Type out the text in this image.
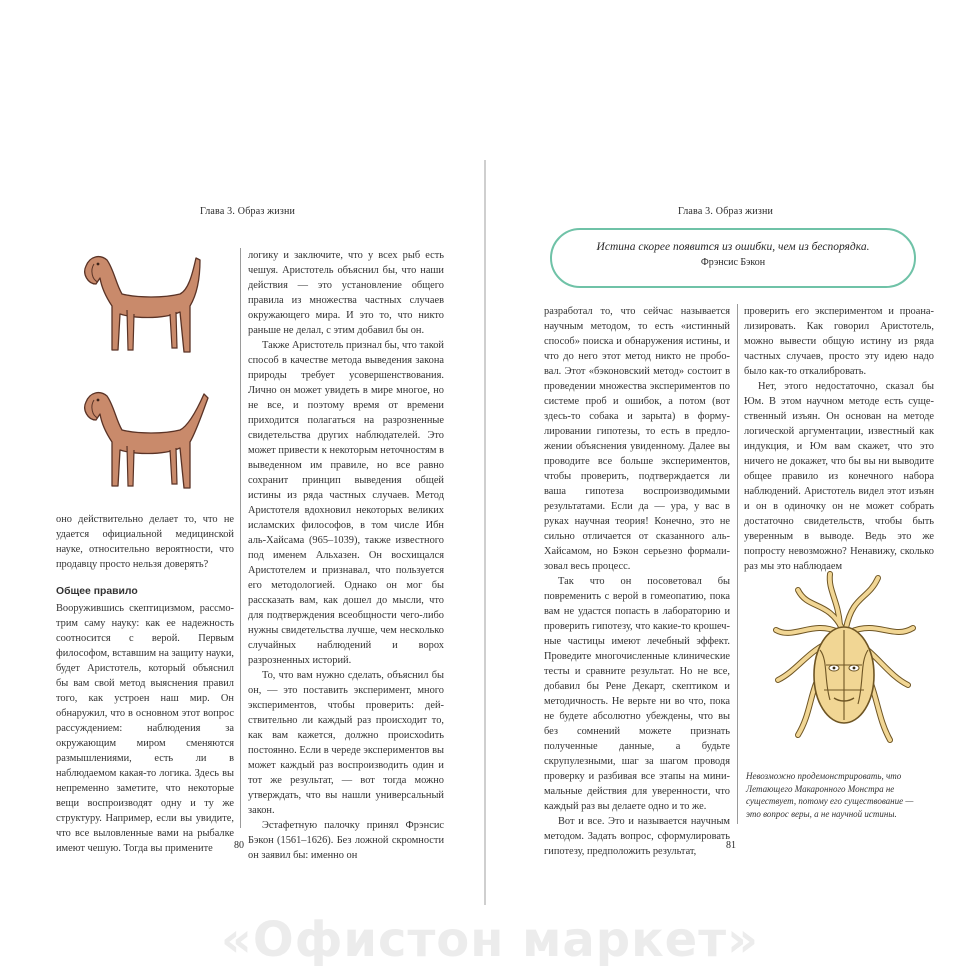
Глава 3. Образ жизни

оно действительно делает то, что не удается официальной медицинской науке, относительно вероятности, что продавцу просто нельзя доверять?

Общее правило

Вооружившись скептицизмом, рассмотрим саму науку: как ее надежность соотносится с верой. Первым философом, вставшим на защиту науки, будет Аристотель, который объяснил бы вам свой метод выяснения правил того, как устроен наш мир. Он обнаружил, что в основном этот вопрос рассуждением: наблюдения за окружающим миром сменяются размышлениями, есть ли в наблюдаемом какая-то логика. Здесь вы непременно заметите, что некоторые вещи воспроизводят одну и ту же структуру. Например, если вы увидите, что все выловленные вами на рыбалке имеют чешую. Тогда вы примените

логику и заключите, что у всех рыб есть чешуя. Аристотель объяснил бы, что наши действия — это установление общего правила из множества частных случаев окружающего мира. И это то, что никто раньше не делал, с этим добавил бы он.

Также Аристотель признал бы, что такой способ в качестве метода выведения закона природы требует усовершенствования. Лично он может увидеть в мире многое, но не все, и поэтому время от времени приходится полагаться на разрозненные свидетельства других наблюдателей. Это может привести к некоторым неточностям в выведенном им правиле, но все равно сохранит принцип выведения общей истины из ряда частных случаев. Метод Аристотеля вдохновил некоторых великих исламских философов, в том числе Ибн аль-Хайсама (965–1039), также известного под именем Альхазен. Он восхищался Аристотелем и признавал, что пользуется его методологией. Однако он мог бы рассказать вам, как дошел до мысли, что для подтверждения всеобщности чего-либо нужны свидетельства лучше, чем несколько случайных наблюдений и ворох разрозненных историй.

То, что вам нужно сделать, объяснил бы он, — это поставить эксперимент, много экспериментов, чтобы проверить: действительно ли каждый раз происходит то, как вам кажется, должно происхоdить постоянно. Если в череде экспериментов вы может каждый раз воспроизводить один и тот же результат, — вот тогда можно утверждать, что вы нашли универсальный закон.

Эстафетную палочку принял Фрэнсис Бэкон (1561–1626). Без ложной скромности он заявил бы: именно он

80
Глава 3. Образ жизни
Истина скорее появится из ошибки, чем из беспорядка.
Фрэнсис Бэкон

разработал то, что сейчас называется научным методом, то есть «истинный способ» поиска и обнаружения истины, и что до него этот метод никто не пробовал. Этот «бэконовский метод» состоит в проведении множества экспериментов по системе проб и ошибок, а потом (вот здесь-то собака и зарыта) в формулировании гипотезы, то есть в предложении объяснения увиденному. Далее вы проводите все больше экспериментов, чтобы проверить, подтверждается ли ваша гипотеза воспроизводимыми результатами. Если да — ура, у вас в руках научная теория! Конечно, это не сильно отличается от сказанного аль-Хайсамом, но Бэкон серьезно формализовал весь процесс.

Так что он посоветовал бы повременить с верой в гомеопатию, пока вам не удастся попасть в лабораторию и проверить гипотезу, что какие-то крошечные частицы имеют лечебный эффект. Проведите многочисленные клинические тесты и сравните результат. Но не все, добавил бы Рене Декарт, скептиком и методичность. Не верьте ни во что, пока не будете абсолютно убеждены, что вы без сомнений можете признать полученные данные, а будьте скрупулезными, шаг за шагом проводя проверку и разбивая все этапы на минимальные действия для уверенности, что каждый раз вы делаете одно и то же.

Вот и все. Это и называется научным методом. Задать вопрос, сформулировать гипотезу, предположить результат,

проверить его экспериментом и проанализировать. Как говорил Аристотель, можно вывести общую истину из ряда частных случаев, просто эту идею надо было как-то откалибровать.

Нет, этого недостаточно, сказал бы Юм. В этом научном методе есть существенный изъян. Он основан на методе логической аргументации, известный как индукция, и Юм вам скажет, что это ничего не докажет, что бы вы ни выводите общее правило из конечного набора наблюдений. Аристотель видел этот изъян и он в одиночку он не может собрать достаточно свидетельств, чтобы быть уверенным в выводе. Ведь это же попросту невозможно? Ненавижу, сколько раз мы это наблюдаем

Невозможно продемонстрировать, что Летающего Макаронного Монстра не существует, потому его существование — это вопрос веры, а не научной истины.
81
«Офистон маркет»
